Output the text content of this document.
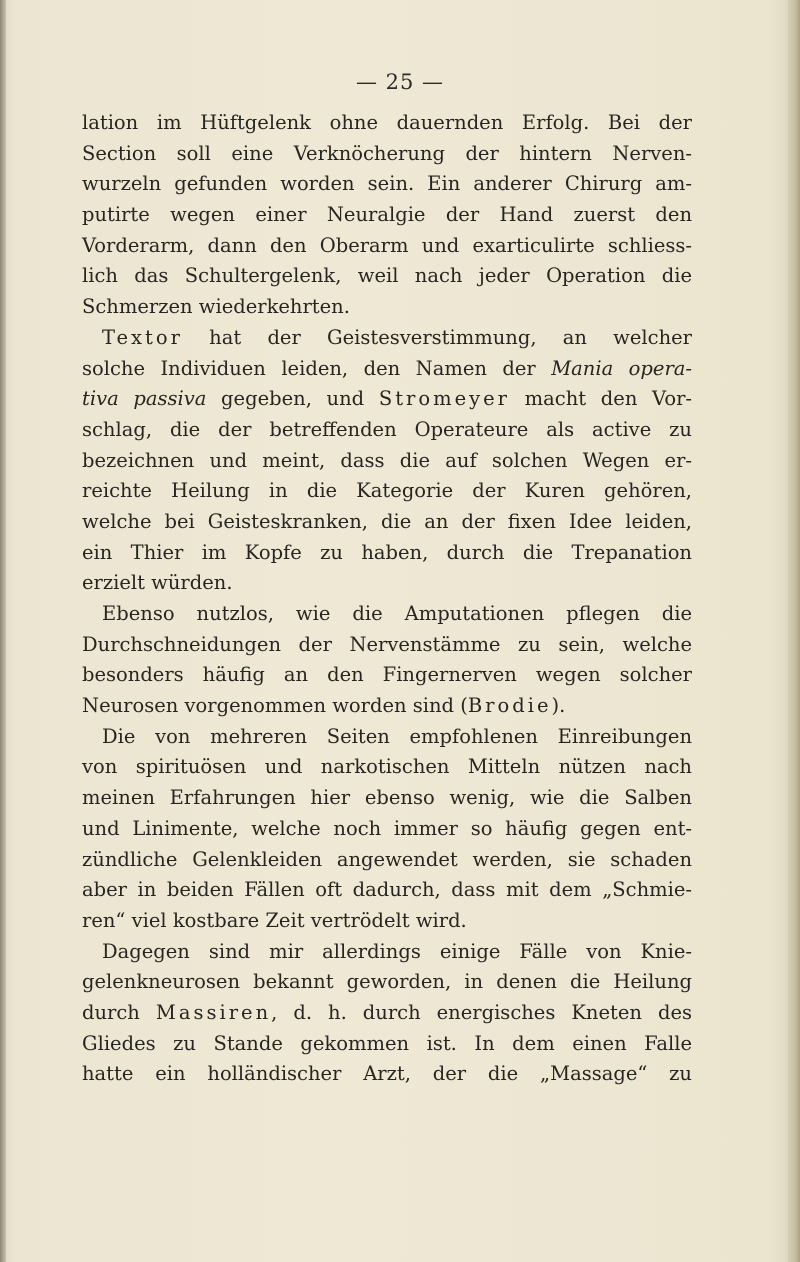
— 25 —
lation im Hüftgelenk ohne dauernden Erfolg. Bei der
Section soll eine Verknöcherung der hintern Nerven-
wurzeln gefunden worden sein. Ein anderer Chirurg am-
putirte wegen einer Neuralgie der Hand zuerst den
Vorderarm, dann den Oberarm und exarticulirte schliess-
lich das Schultergelenk, weil nach jeder Operation die
Schmerzen wiederkehrten.
Textor hat der Geistesverstimmung, an welcher
solche Individuen leiden, den Namen der Mania opera-
tiva passiva gegeben, und Stromeyer macht den Vor-
schlag, die der betreffenden Operateure als active zu
bezeichnen und meint, dass die auf solchen Wegen er-
reichte Heilung in die Kategorie der Kuren gehören,
welche bei Geisteskranken, die an der fixen Idee leiden,
ein Thier im Kopfe zu haben, durch die Trepanation
erzielt würden.
Ebenso nutzlos, wie die Amputationen pflegen die
Durchschneidungen der Nervenstämme zu sein, welche
besonders häufig an den Fingernerven wegen solcher
Neurosen vorgenommen worden sind (Brodie).
Die von mehreren Seiten empfohlenen Einreibungen
von spirituösen und narkotischen Mitteln nützen nach
meinen Erfahrungen hier ebenso wenig, wie die Salben
und Linimente, welche noch immer so häufig gegen ent-
zündliche Gelenkleiden angewendet werden, sie schaden
aber in beiden Fällen oft dadurch, dass mit dem „Schmie-
ren“ viel kostbare Zeit vertrödelt wird.
Dagegen sind mir allerdings einige Fälle von Knie-
gelenkneurosen bekannt geworden, in denen die Heilung
durch Massiren, d. h. durch energisches Kneten des
Gliedes zu Stande gekommen ist. In dem einen Falle
hatte ein holländischer Arzt, der die „Massage“ zu
